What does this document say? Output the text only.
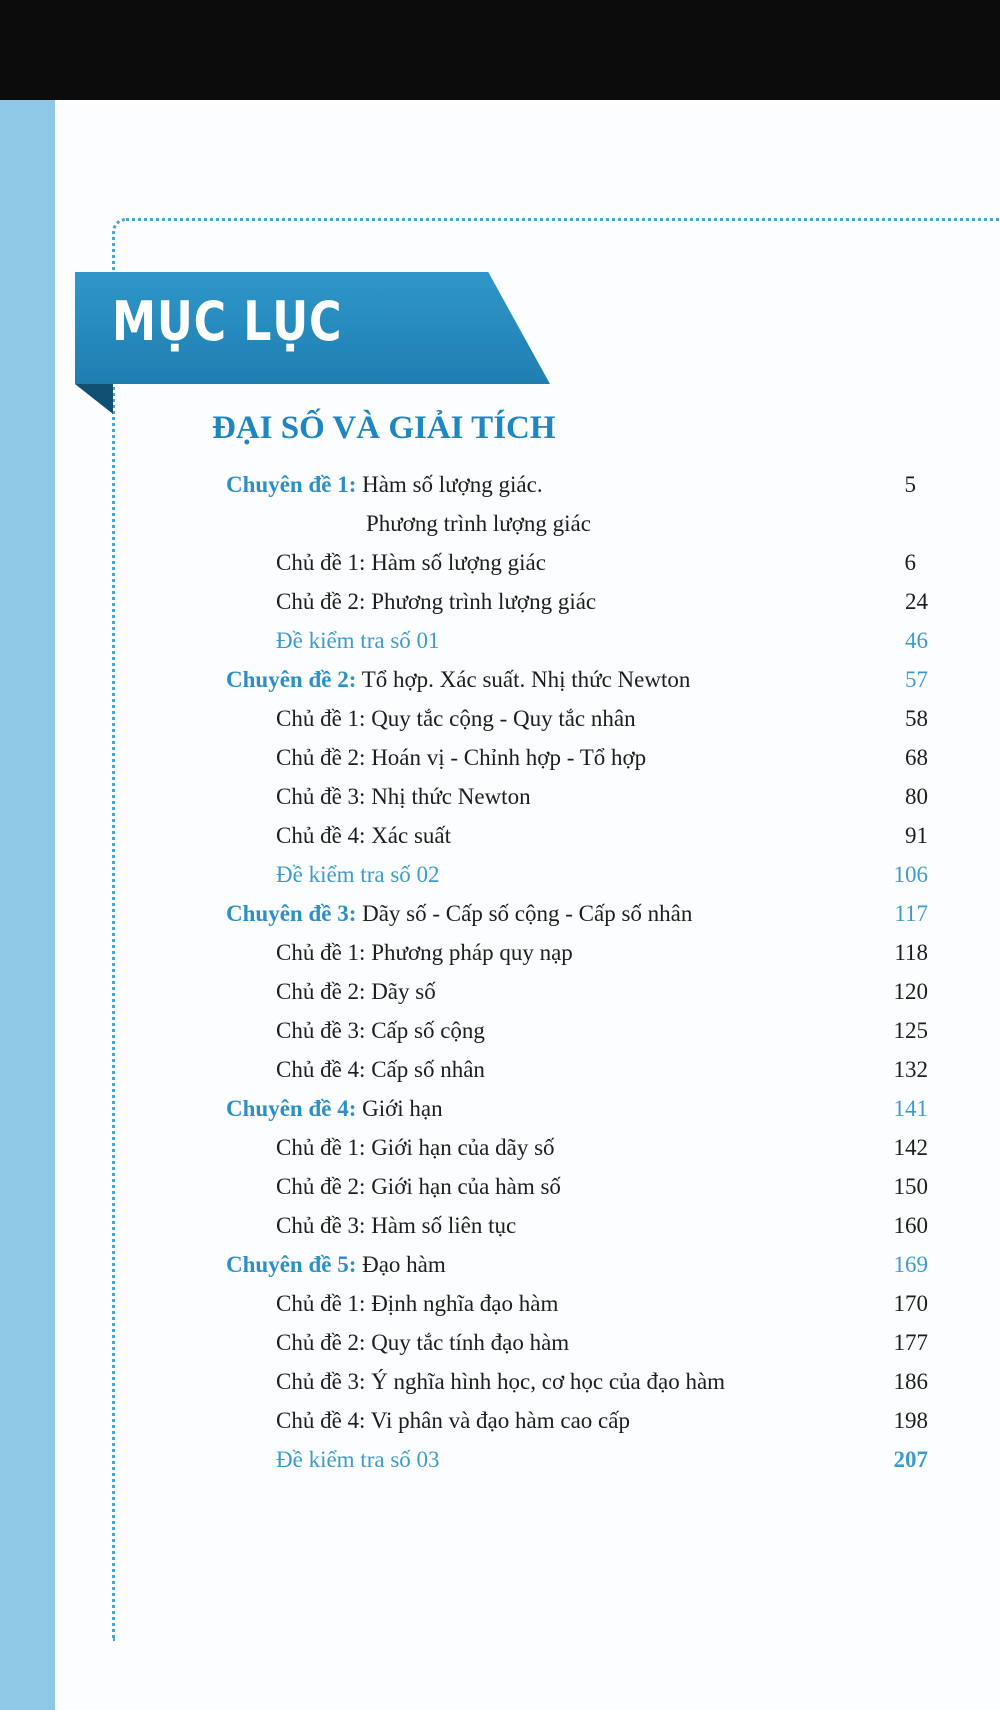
MỤC LỤC
ĐẠI SỐ VÀ GIẢI TÍCH
Chuyên đề 1: Hàm số lượng giác.	5
Phương trình lượng giác
Chủ đề 1: Hàm số lượng giác	6
Chủ đề 2: Phương trình lượng giác	24
Đề kiểm tra số 01	46
Chuyên đề 2: Tổ hợp. Xác suất. Nhị thức Newton	57
Chủ đề 1: Quy tắc cộng - Quy tắc nhân	58
Chủ đề 2: Hoán vị - Chỉnh hợp - Tổ hợp	68
Chủ đề 3: Nhị thức Newton	80
Chủ đề 4: Xác suất	91
Đề kiểm tra số 02	106
Chuyên đề 3: Dãy số - Cấp số cộng - Cấp số nhân	117
Chủ đề 1: Phương pháp quy nạp	118
Chủ đề 2: Dãy số	120
Chủ đề 3: Cấp số cộng	125
Chủ đề 4: Cấp số nhân	132
Chuyên đề 4: Giới hạn	141
Chủ đề 1: Giới hạn của dãy số	142
Chủ đề 2: Giới hạn của hàm số	150
Chủ đề 3: Hàm số liên tục	160
Chuyên đề 5: Đạo hàm	169
Chủ đề 1: Định nghĩa đạo hàm	170
Chủ đề 2: Quy tắc tính đạo hàm	177
Chủ đề 3: Ý nghĩa hình học, cơ học của đạo hàm	186
Chủ đề 4: Vi phân và đạo hàm cao cấp	198
Đề kiểm tra số 03	207
